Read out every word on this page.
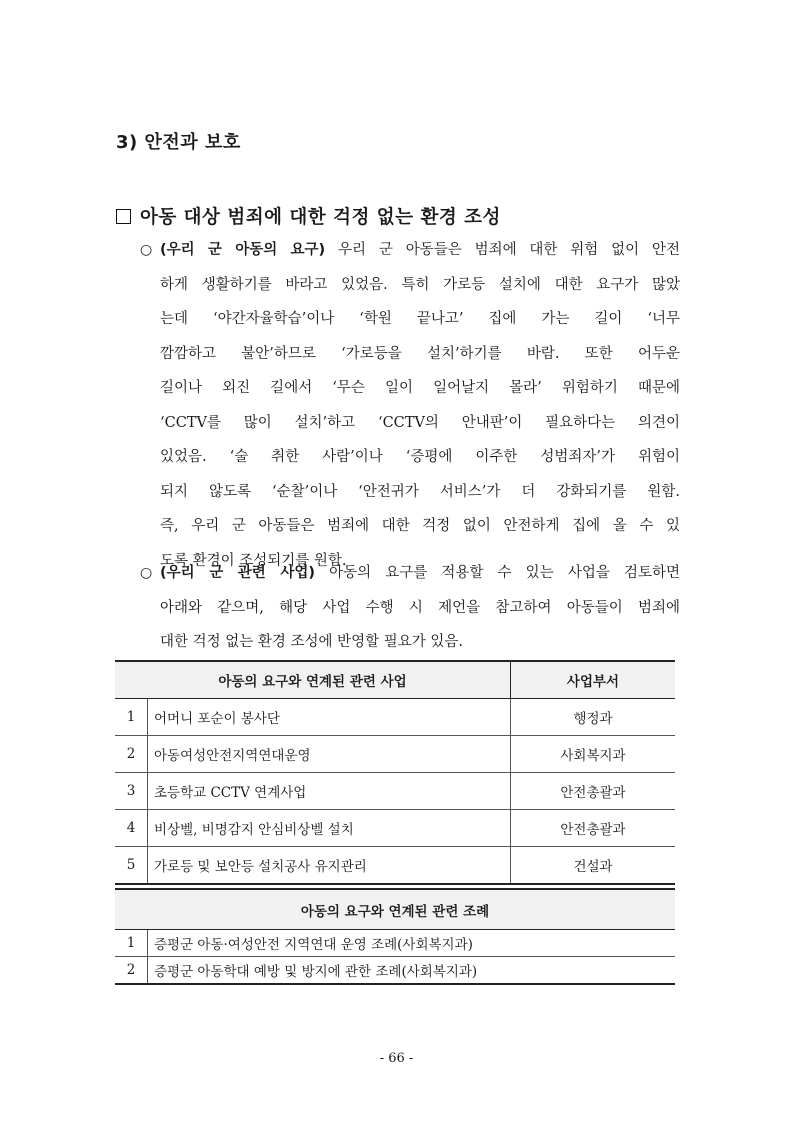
3) 안전과 보호
아동 대상 범죄에 대한 걱정 없는 환경 조성
○ (우리 군 아동의 요구) 우리 군 아동들은 범죄에 대한 위험 없이 안전
하게 생활하기를 바라고 있었음. 특히 가로등 설치에 대한 요구가 많았
는데 ‘야간자율학습’이나 ‘학원 끝나고’ 집에 가는 길이 ‘너무
깜깜하고 불안’하므로 ‘가로등을 설치’하기를 바람. 또한 어두운
길이나 외진 길에서 ‘무슨 일이 일어날지 몰라’ 위험하기 때문에
‘CCTV를 많이 설치’하고 ‘CCTV의 안내판’이 필요하다는 의견이
있었음. ‘술 취한 사람’이나 ‘증평에 이주한 성범죄자’가 위험이
되지 않도록 ‘순찰’이나 ‘안전귀가 서비스’가 더 강화되기를 원함.
즉, 우리 군 아동들은 범죄에 대한 걱정 없이 안전하게 집에 올 수 있
도록 환경이 조성되기를 원함.
○ (우리 군 관련 사업) 아동의 요구를 적용할 수 있는 사업을 검토하면
아래와 같으며, 해당 사업 수행 시 제언을 참고하여 아동들이 범죄에
대한 걱정 없는 환경 조성에 반영할 필요가 있음.
아동의 요구와 연계된 관련 사업		사업부서
1	어머니 포순이 봉사단	행정과
2	아동여성안전지역연대운영	사회복지과
3	초등학교 CCTV 연계사업	안전총괄과
4	비상벨, 비명감지 안심비상벨 설치	안전총괄과
5	가로등 및 보안등 설치공사 유지관리	건설과
아동의 요구와 연계된 관련 조례	
1	증평군 아동·여성안전 지역연대 운영 조례(사회복지과)
2	증평군 아동학대 예방 및 방지에 관한 조례(사회복지과)
- 66 -
